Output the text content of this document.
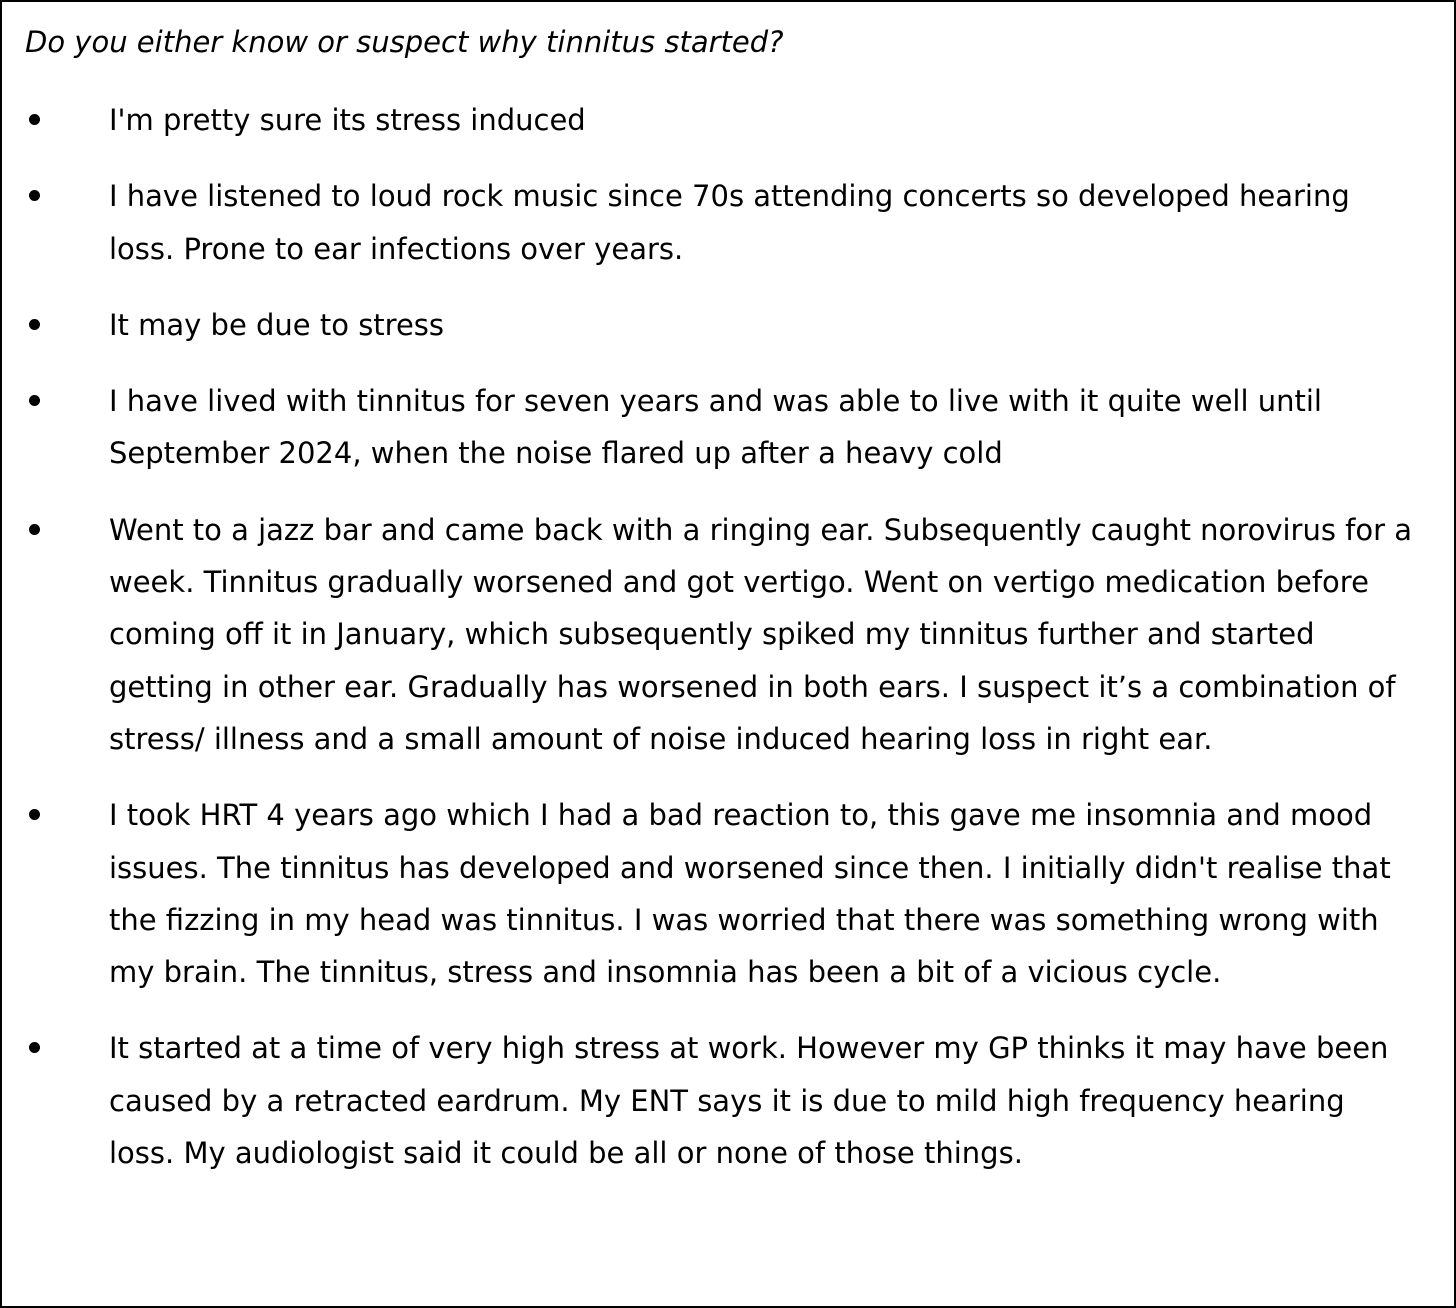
Do you either know or suspect why tinnitus started?

I'm pretty sure its stress induced
I have listened to loud rock music since 70s attending concerts so developed hearing loss. Prone to ear infections over years.
It may be due to stress
I have lived with tinnitus for seven years and was able to live with it quite well until September 2024, when the noise flared up after a heavy cold
Went to a jazz bar and came back with a ringing ear. Subsequently caught norovirus for a week. Tinnitus gradually worsened and got vertigo. Went on vertigo medication before coming off it in January, which subsequently spiked my tinnitus further and started getting in other ear. Gradually has worsened in both ears. I suspect it’s a combination of stress/ illness and a small amount of noise induced hearing loss in right ear.
I took HRT 4 years ago which I had a bad reaction to, this gave me insomnia and mood issues. The tinnitus has developed and worsened since then. I initially didn't realise that the fizzing in my head was tinnitus. I was worried that there was something wrong with my brain. The tinnitus, stress and insomnia has been a bit of a vicious cycle.
It started at a time of very high stress at work. However my GP thinks it may have been caused by a retracted eardrum. My ENT says it is due to mild high frequency hearing loss. My audiologist said it could be all or none of those things.
